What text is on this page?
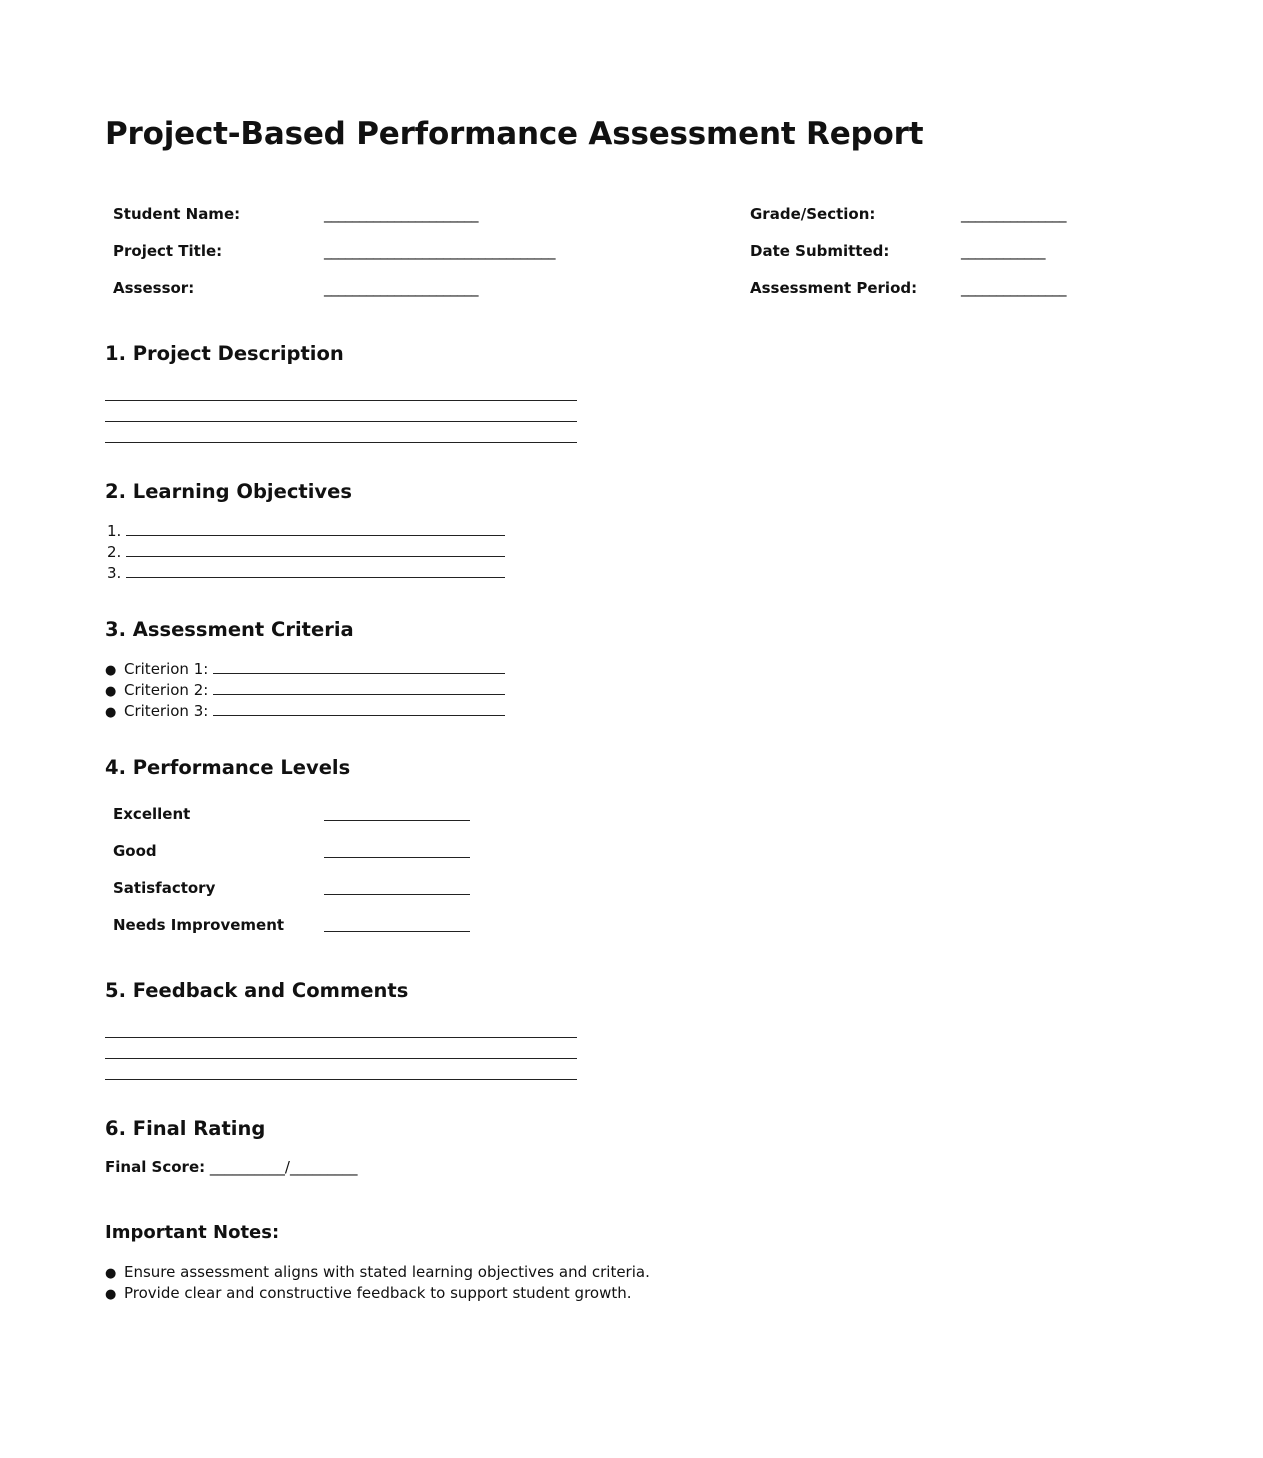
Project-Based Performance Assessment Report
Student Name:	______________________	Grade/Section:	_______________
Project Title:	_________________________________	Date Submitted:	____________
Assessor:	______________________	Assessment Period:	_______________
1. Project Description
2. Learning Objectives
1.
2.
3.
3. Assessment Criteria
● Criterion 1:
● Criterion 2:
● Criterion 3:
4. Performance Levels
Excellent
Good
Satisfactory
Needs Improvement
5. Feedback and Comments
6. Final Rating
Final Score: __________/_________
Important Notes:
● Ensure assessment aligns with stated learning objectives and criteria.
● Provide clear and constructive feedback to support student growth.
